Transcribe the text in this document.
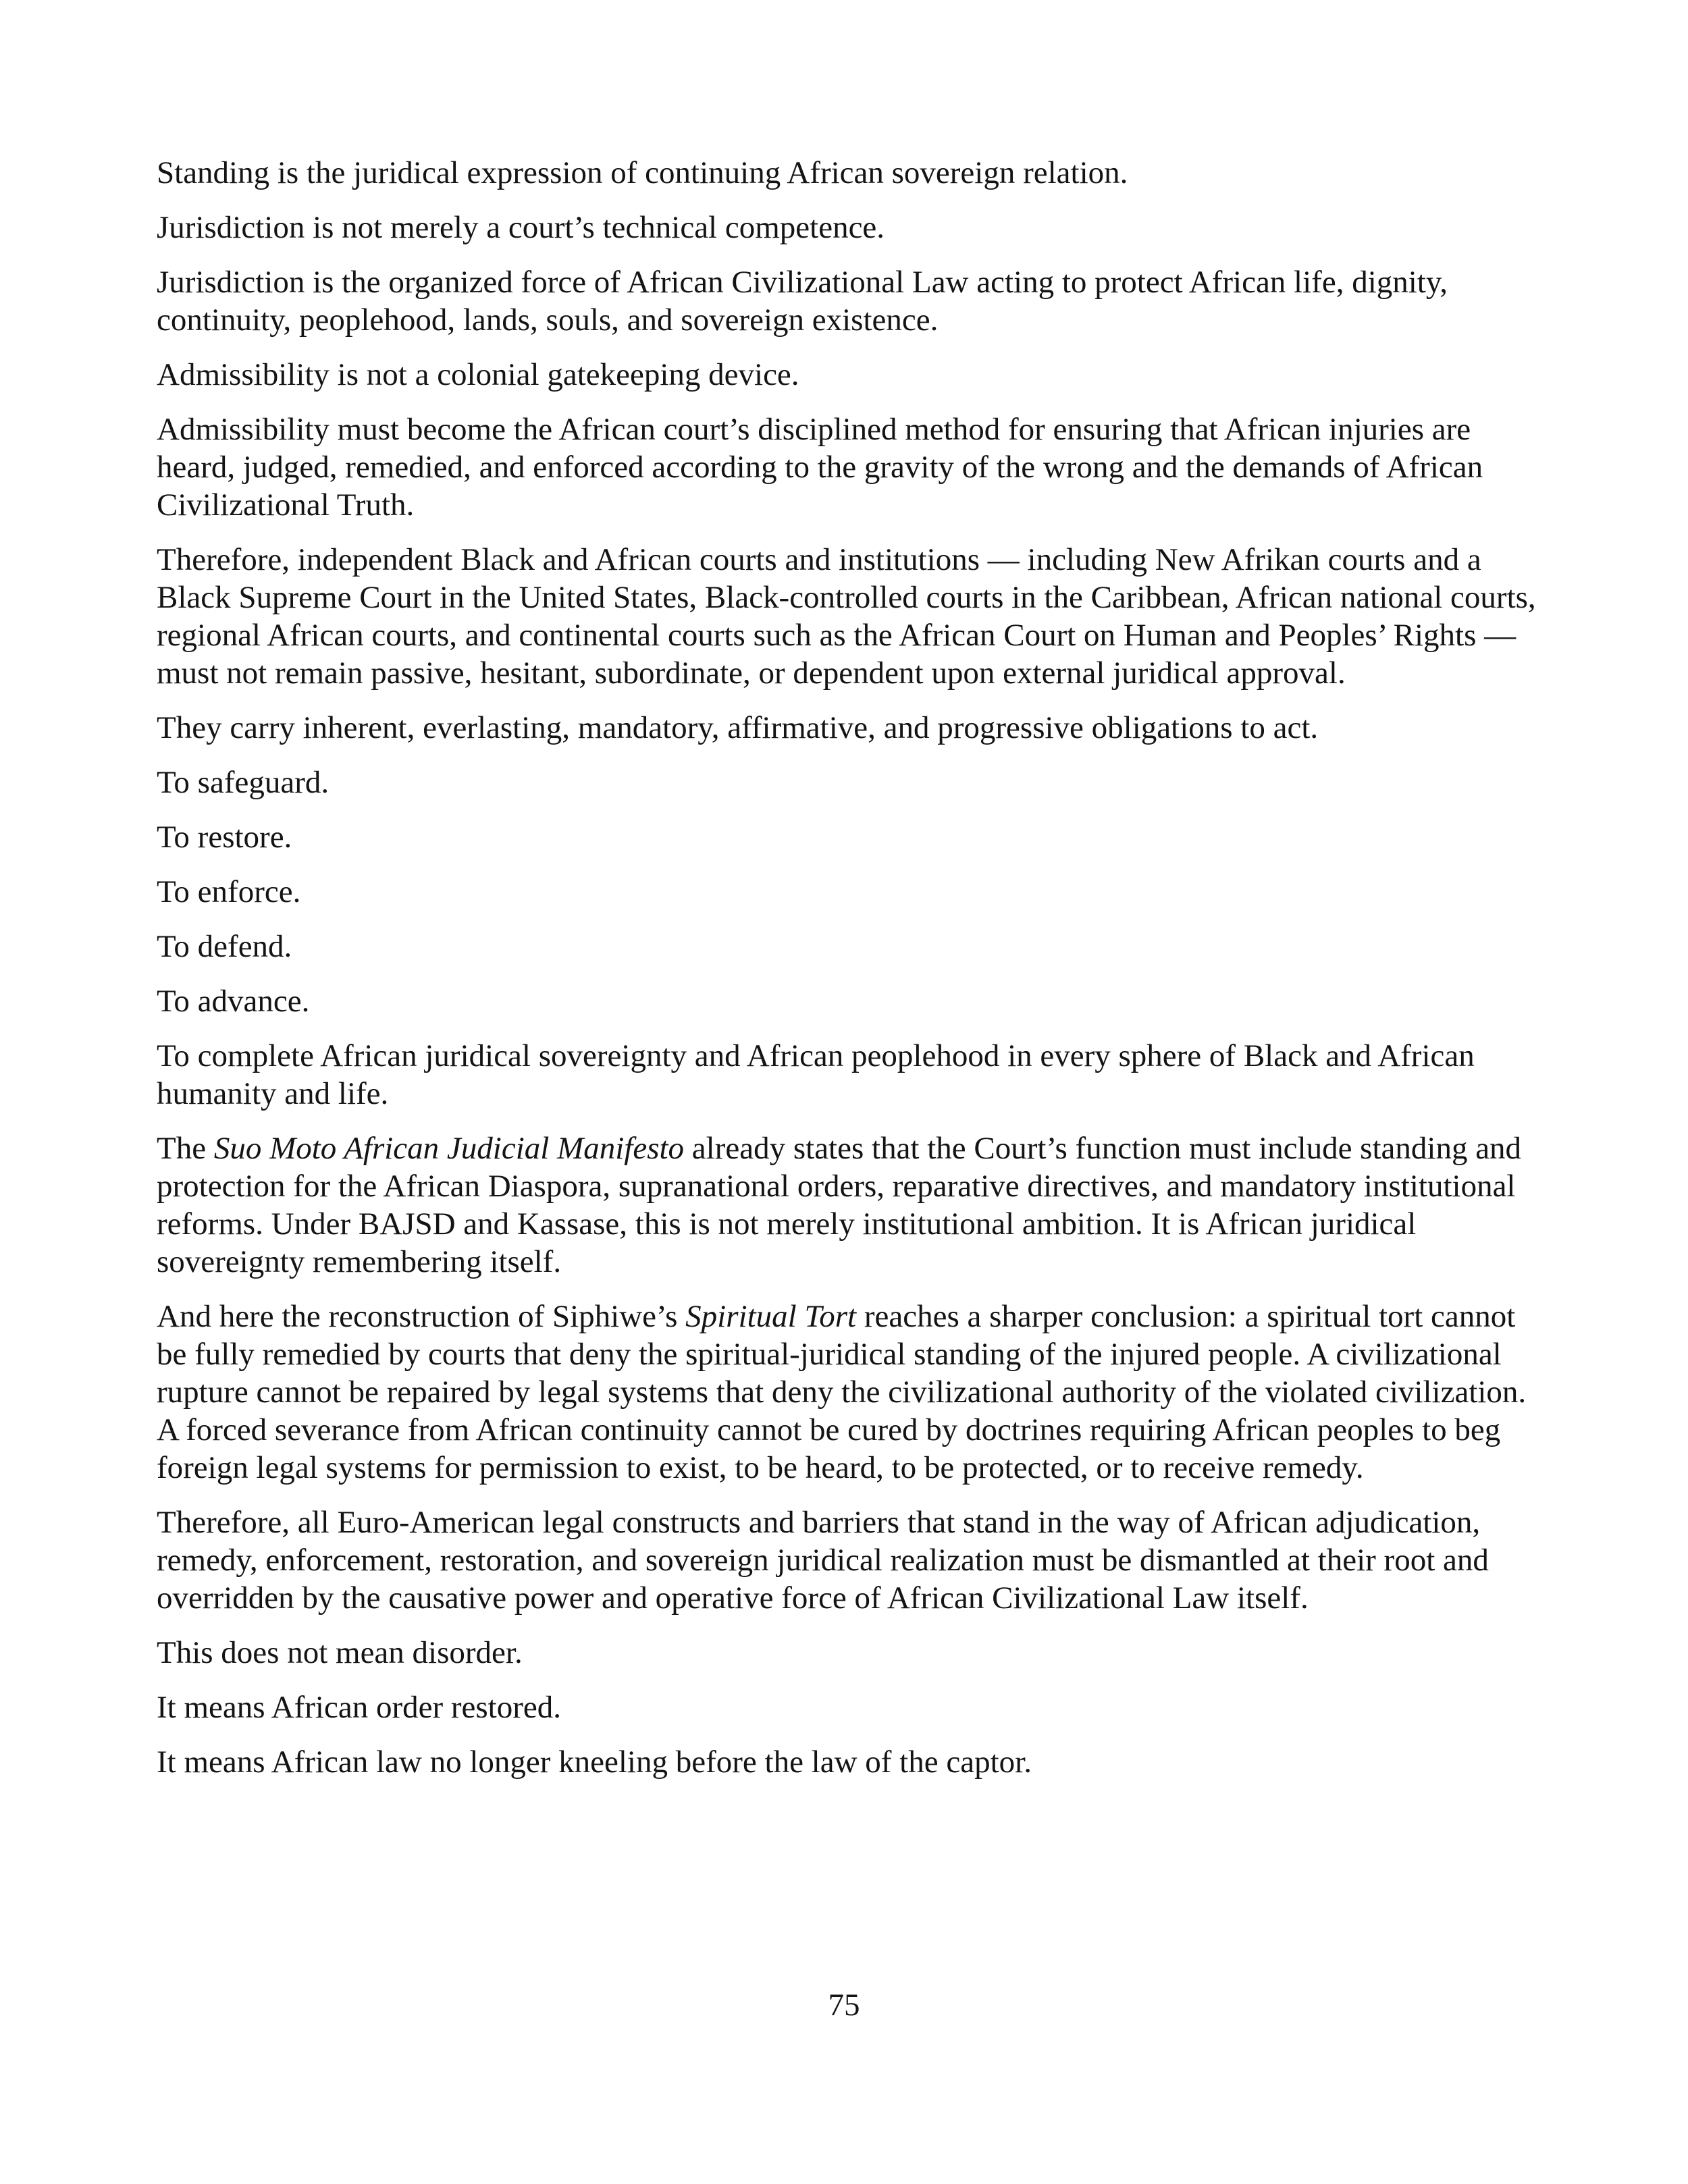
Standing is the juridical expression of continuing African sovereign relation.

Jurisdiction is not merely a court’s technical competence.

Jurisdiction is the organized force of African Civilizational Law acting to protect African life, dignity, continuity, peoplehood, lands, souls, and sovereign existence.

Admissibility is not a colonial gatekeeping device.

Admissibility must become the African court’s disciplined method for ensuring that African injuries are heard, judged, remedied, and enforced according to the gravity of the wrong and the demands of African Civilizational Truth.

Therefore, independent Black and African courts and institutions — including New Afrikan courts and a Black Supreme Court in the United States, Black-controlled courts in the Caribbean, African national courts, regional African courts, and continental courts such as the African Court on Human and Peoples’ Rights — must not remain passive, hesitant, subordinate, or dependent upon external juridical approval.

They carry inherent, everlasting, mandatory, affirmative, and progressive obligations to act.

To safeguard.

To restore.

To enforce.

To defend.

To advance.

To complete African juridical sovereignty and African peoplehood in every sphere of Black and African humanity and life.

The Suo Moto African Judicial Manifesto already states that the Court’s function must include standing and protection for the African Diaspora, supranational orders, reparative directives, and mandatory institutional reforms. Under BAJSD and Kassase, this is not merely institutional ambition. It is African juridical sovereignty remembering itself.

And here the reconstruction of Siphiwe’s Spiritual Tort reaches a sharper conclusion: a spiritual tort cannot be fully remedied by courts that deny the spiritual-juridical standing of the injured people. A civilizational rupture cannot be repaired by legal systems that deny the civilizational authority of the violated civilization. A forced severance from African continuity cannot be cured by doctrines requiring African peoples to beg foreign legal systems for permission to exist, to be heard, to be protected, or to receive remedy.

Therefore, all Euro-American legal constructs and barriers that stand in the way of African adjudication, remedy, enforcement, restoration, and sovereign juridical realization must be dismantled at their root and overridden by the causative power and operative force of African Civilizational Law itself.

This does not mean disorder.

It means African order restored.

It means African law no longer kneeling before the law of the captor.

75
